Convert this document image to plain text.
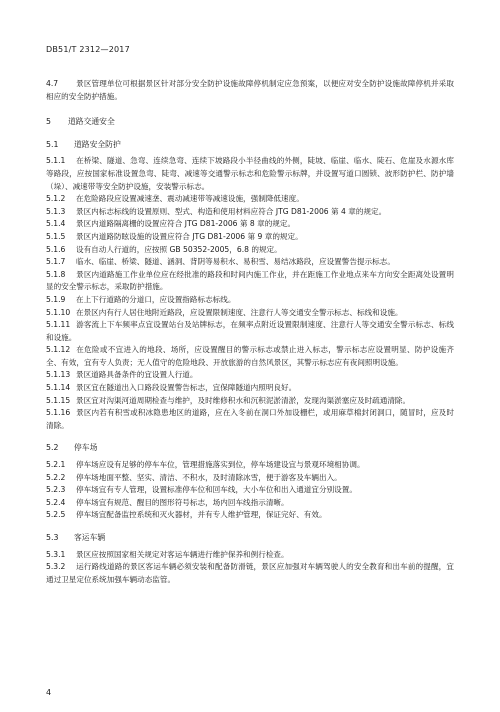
DB51/T 2312—2017

4.7 景区管理单位可根据景区针对部分安全防护设施故障停机制定应急预案，以便应对安全防护设施故障停机并采取相应的安全防护措施。

5 道路交通安全
5.1 道路安全防护

5.1.1 在桥梁、隧道、急弯、连续急弯、连续下坡路段小半径曲线的外侧，陡坡、临崖、临水、陡石、危崖及水源水库等路段，应按国家标准设置急弯、陡弯、减速等交通警示标志和危险警示标牌，并设置写道口圆锁、波形防护栏、防护墙（垛）、减速带等安全防护设施，安装警示标志。

5.1.2 在危险路段应设置减速垄、震动减速带等减速设施，强制降低速度。

5.1.3 景区内标志标线的设置原则、型式、构造和使用材料应符合 JTG D81-2006 第 4 章的规定。

5.1.4 景区内道路隔离栅的设置应符合 JTG D81-2006 第 8 章的规定。

5.1.5 景区内道路防眩设施的设置应符合 JTG D81-2006 第 9 章的规定。

5.1.6 设有自动人行道的，应按照 GB 50352-2005，6.8 的规定。

5.1.7 临水、临崖、桥梁、隧道、涵洞、背阴等易积水、易积雪、易结冰路段，应设置警告提示标志。

5.1.8 景区内道路施工作业单位应在经批准的路段和时间内施工作业，并在距施工作业地点来车方向安全距离处设置明显的安全警示标志，采取防护措施。

5.1.9 在上下行道路的分道口，应设置指路标志标线。

5.1.10 在景区内有行人居住地附近路段，应设置限制速度、注意行人等交通安全警示标志、标线和设施。

5.1.11 游客流上下车频率点宜设置站台及站牌标志，在频率点附近设置限制速度、注意行人等交通安全警示标志、标线和设施。

5.1.12 在危险或不宜进入的地段、场所，应设置醒目的警示标志或禁止进入标志，警示标志应设置明显、防护设施齐全、有效，宜有专人负责；无人值守的危险地段、开放旅游的自然风景区，其警示标志应有夜间照明设施。

5.1.13 景区道路具备条件的宜设置人行道。

5.1.14 景区宜在隧道出入口路段设置警告标志，宜保障隧道内照明良好。

5.1.15 景区宜对沟渠河道周期检查与维护，及时维修积水和沉积泥淤清淤，发现沟渠淤塞应及时疏通清除。

5.1.16 景区内若有积雪或积冰隐患地区的道路，应在入冬前在洞口外加设栅栏，或用麻草棉封闭洞口，随冒时，应及时清除。

5.2 停车场

5.2.1 停车场应设有足够的停车车位，管理措施落实到位，停车场建设宜与景观环境相协调。

5.2.2 停车场地面平整、坚实、清洁、不积水，及时清除冰雪，便于游客及车辆出入。

5.2.3 停车场宜有专人管理，设置标准停车位和回车线，大小车位和出入通道宜分别设置。

5.2.4 停车场宜有规范、醒目的图形符号标志，场内回车线指示清晰。

5.2.5 停车场宜配备监控系统和灭火器材，并有专人维护管理，保证完好、有效。

5.3 客运车辆

5.3.1 景区应按照国家相关规定对客运车辆进行维护保养和例行检查。

5.3.2 运行路线道路的景区客运车辆必须安装和配备防滑链，景区应加强对车辆驾驶人的安全教育和出车前的提醒，宜通过卫星定位系统加强车辆动态监管。

4
